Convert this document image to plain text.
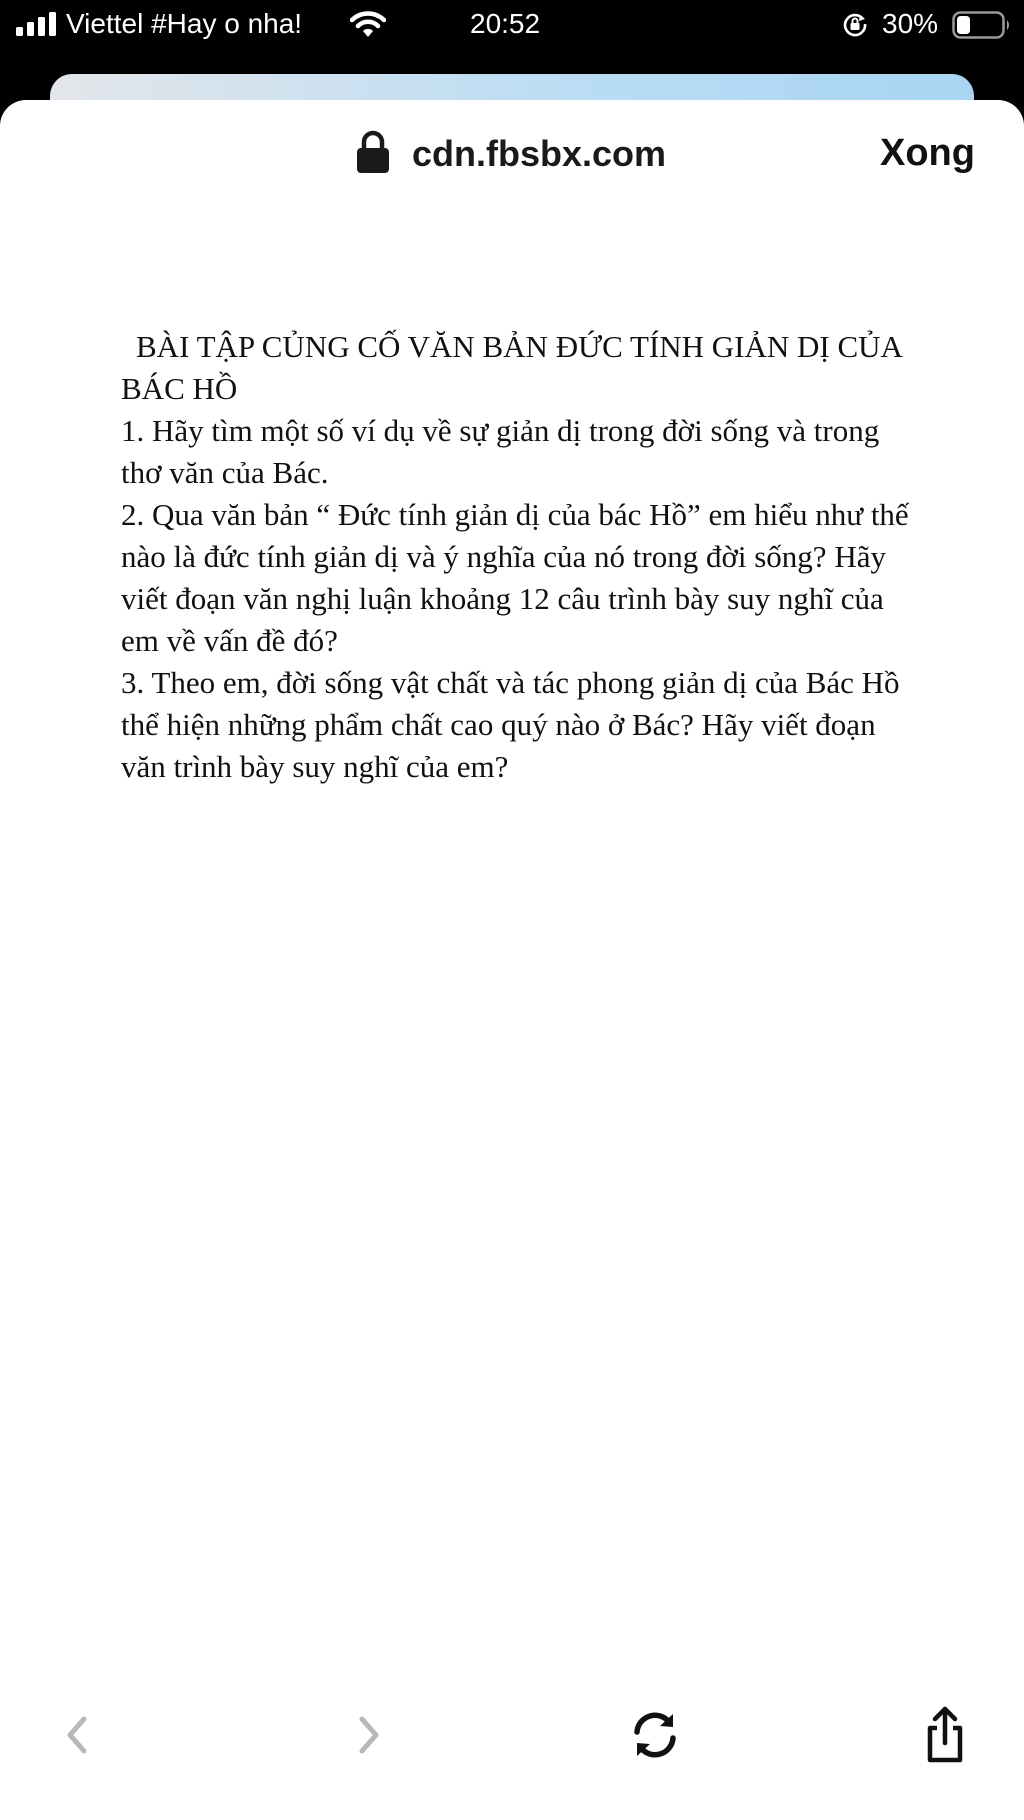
Viettel #Hay o nha!	20:52	30%
cdn.fbsbx.com	Xong

BÀI TẬP CỦNG CỐ VĂN BẢN ĐỨC TÍNH GIẢN DỊ CỦA BÁC HỒ

1. Hãy tìm một số ví dụ về sự giản dị trong đời sống và trong thơ văn của Bác.

2. Qua văn bản “ Đức tính giản dị của bác Hồ” em hiểu như thế nào là đức tính giản dị và ý nghĩa của nó trong đời sống? Hãy viết đoạn văn nghị luận khoảng 12 câu trình bày suy nghĩ của em về vấn đề đó?

3. Theo em, đời sống vật chất và tác phong giản dị của Bác Hồ thể hiện những phẩm chất cao quý nào ở Bác? Hãy viết đoạn văn trình bày suy nghĩ của em?
